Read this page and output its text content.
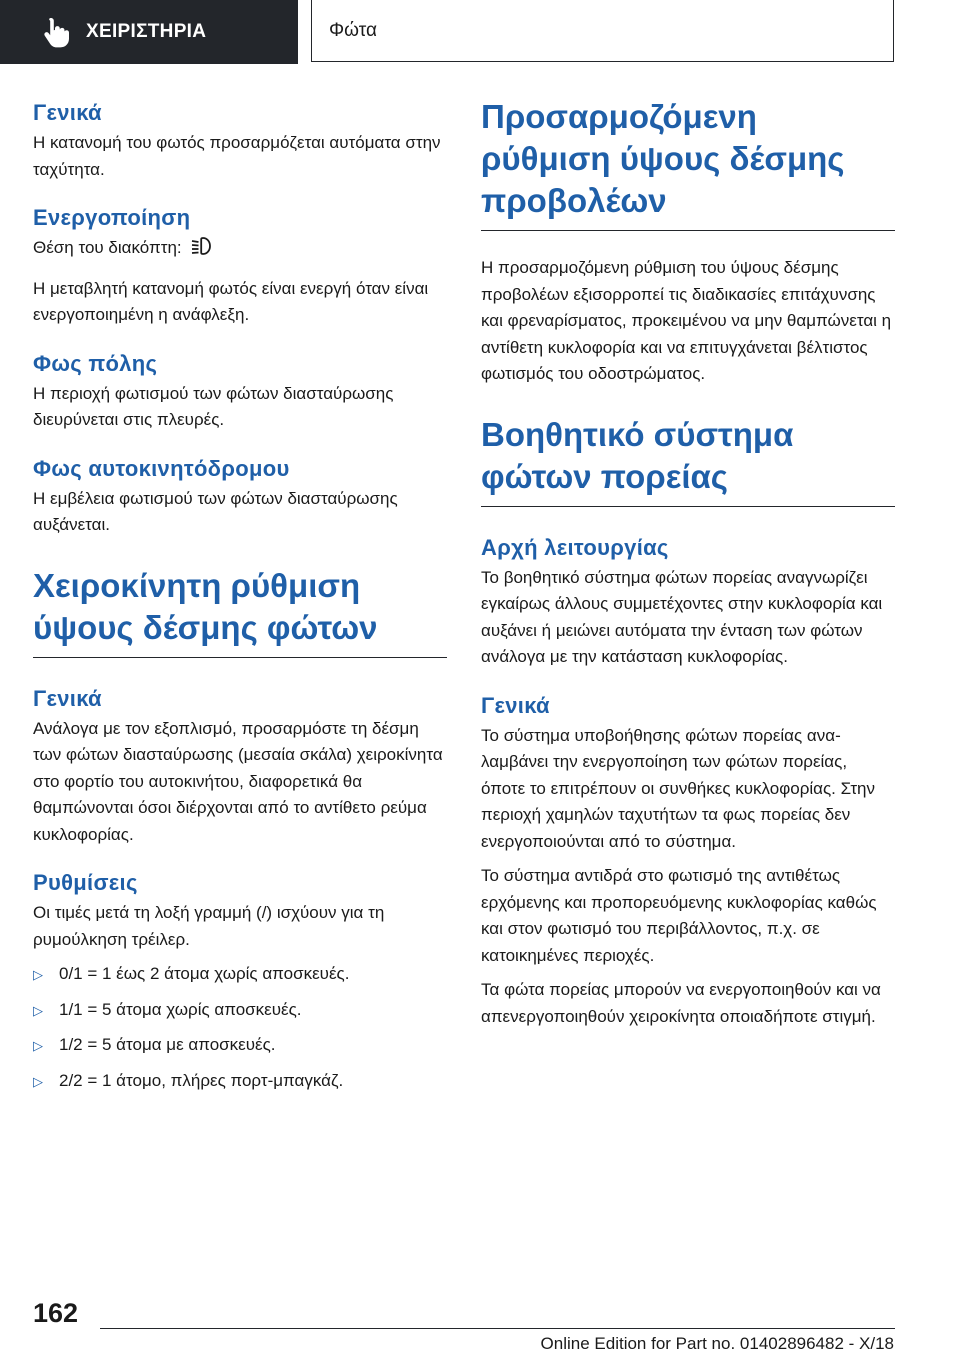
ΧΕΙΡΙΣΤΗΡΙΑ	Φώτα
Γενικά

Η κατανομή του φωτός προσαρμόζεται αυτόματα στην ταχύτητα.

Ενεργοποίηση

Θέση του διακόπτη:

Η μεταβλητή κατανομή φωτός είναι ενεργή όταν είναι ενεργοποιημένη η ανάφλεξη.

Φως πόλης

Η περιοχή φωτισμού των φώτων διασταύρωσης διευρύνεται στις πλευρές.

Φως αυτοκινητόδρομου

Η εμβέλεια φωτισμού των φώτων διασταύρωσης αυξάνεται.

Χειροκίνητη ρύθμιση ύψους δέσμης φώτων
Γενικά

Ανάλογα με τον εξοπλισμό, προσαρμόστε τη δέσμη των φώτων διασταύρωσης (μεσαία σκάλα) χειροκίνητα στο φορτίο του αυτοκινήτου, διαφορετικά θα θαμπώνονται όσοι διέρχονται από το αντίθετο ρεύμα κυκλοφορίας.

Ρυθμίσεις

Οι τιμές μετά τη λοξή γραμμή (/) ισχύουν για τη ρυμούλκηση τρέιλερ.

▷ 0/1 = 1 έως 2 άτομα χωρίς αποσκευές.
▷ 1/1 = 5 άτομα χωρίς αποσκευές.
▷ 1/2 = 5 άτομα με αποσκευές.
▷ 2/2 = 1 άτομο, πλήρες πορτ-μπαγκάζ.
Προσαρμοζόμενη ρύθμιση ύψους δέσμης προβολέων

Η προσαρμοζόμενη ρύθμιση του ύψους δέσμης προβολέων εξισορροπεί τις διαδικασίες επιτάχυνσης και φρεναρίσματος, προκειμένου να μην θαμπώνεται η αντίθετη κυκλοφορία και να επιτυγχάνεται βέλτιστος φωτισμός του οδοστρώματος.

Βοηθητικό σύστημα φώτων πορείας
Αρχή λειτουργίας

Το βοηθητικό σύστημα φώτων πορείας αναγνωρίζει εγκαίρως άλλους συμμετέχοντες στην κυκλοφορία και αυξάνει ή μειώνει αυτόματα την ένταση των φώτων ανάλογα με την κατάσταση κυκλοφορίας.

Γενικά

Το σύστημα υποβοήθησης φώτων πορείας αναλαμβάνει την ενεργοποίηση των φώτων πορείας, όποτε το επιτρέπουν οι συνθήκες κυκλοφορίας. Στην περιοχή χαμηλών ταχυτήτων τα φως πορείας δεν ενεργοποιούνται από το σύστημα.

Το σύστημα αντιδρά στο φωτισμό της αντιθέτως ερχόμενης και προπορευόμενης κυκλοφορίας καθώς και στον φωτισμό του περιβάλλοντος, π.χ. σε κατοικημένες περιοχές.

Τα φώτα πορείας μπορούν να ενεργοποιηθούν και να απενεργοποιηθούν χειροκίνητα οποιαδήποτε στιγμή.

162
Online Edition for Part no. 01402896482 - X/18
